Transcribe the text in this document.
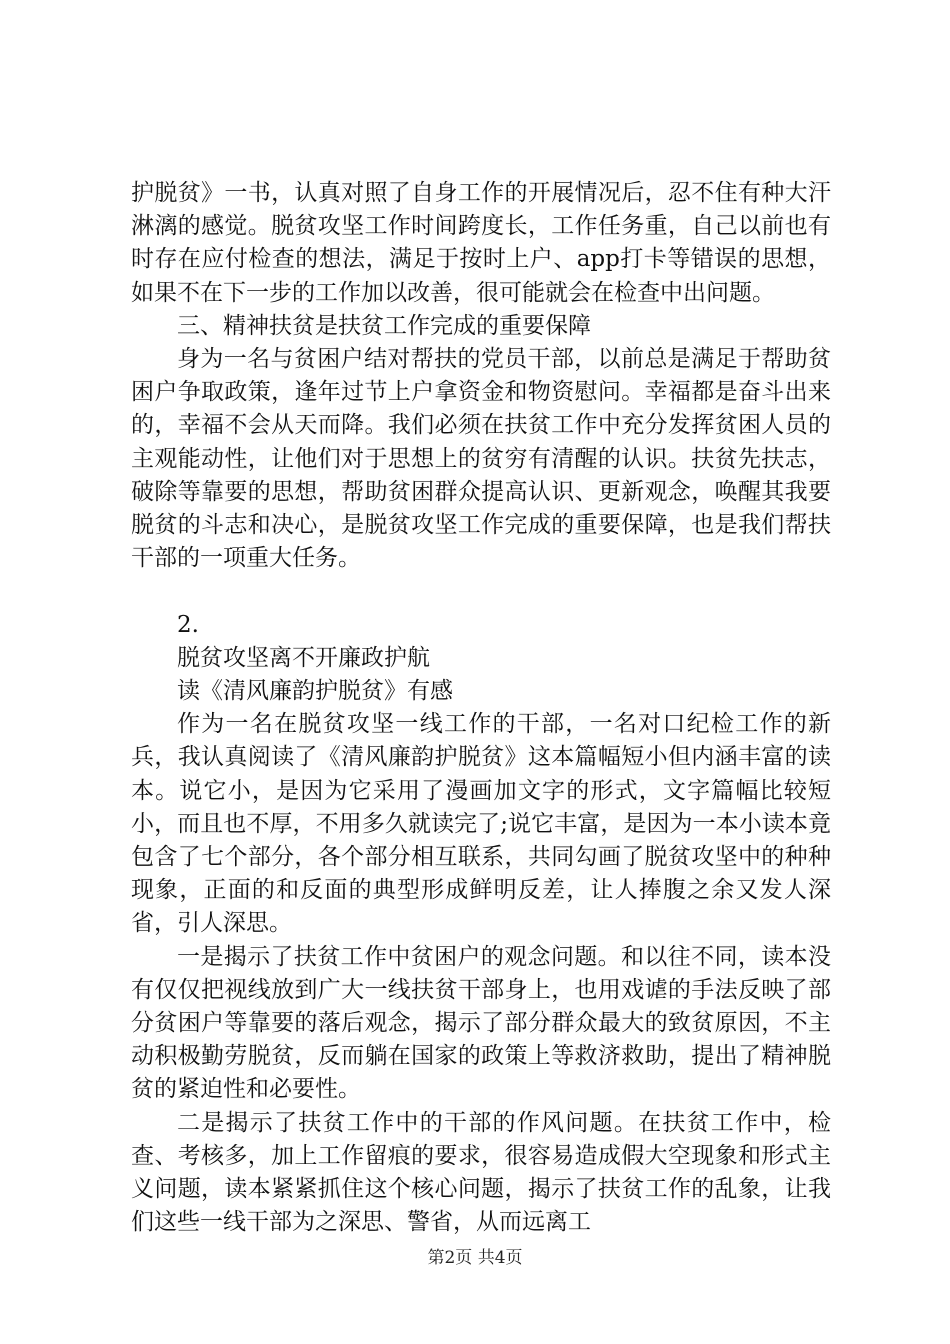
护脱贫》一书，认真对照了自身工作的开展情况后，忍不住有种大汗淋漓的感觉。脱贫攻坚工作时间跨度长，工作任务重，自己以前也有时存在应付检查的想法，满足于按时上户、app打卡等错误的思想，如果不在下一步的工作加以改善，很可能就会在检查中出问题。

三、精神扶贫是扶贫工作完成的重要保障

身为一名与贫困户结对帮扶的党员干部，以前总是满足于帮助贫困户争取政策，逢年过节上户拿资金和物资慰问。幸福都是奋斗出来的，幸福不会从天而降。我们必须在扶贫工作中充分发挥贫困人员的主观能动性，让他们对于思想上的贫穷有清醒的认识。扶贫先扶志，破除等靠要的思想，帮助贫困群众提高认识、更新观念，唤醒其我要脱贫的斗志和决心，是脱贫攻坚工作完成的重要保障，也是我们帮扶干部的一项重大任务。

2.

脱贫攻坚离不开廉政护航

读《清风廉韵护脱贫》有感

作为一名在脱贫攻坚一线工作的干部，一名对口纪检工作的新兵，我认真阅读了《清风廉韵护脱贫》这本篇幅短小但内涵丰富的读本。说它小，是因为它采用了漫画加文字的形式，文字篇幅比较短小，而且也不厚，不用多久就读完了;说它丰富，是因为一本小读本竟包含了七个部分，各个部分相互联系，共同勾画了脱贫攻坚中的种种现象，正面的和反面的典型形成鲜明反差，让人捧腹之余又发人深省，引人深思。

一是揭示了扶贫工作中贫困户的观念问题。和以往不同，读本没有仅仅把视线放到广大一线扶贫干部身上，也用戏谑的手法反映了部分贫困户等靠要的落后观念，揭示了部分群众最大的致贫原因，不主动积极勤劳脱贫，反而躺在国家的政策上等救济救助，提出了精神脱贫的紧迫性和必要性。

二是揭示了扶贫工作中的干部的作风问题。在扶贫工作中，检查、考核多，加上工作留痕的要求，很容易造成假大空现象和形式主义问题，读本紧紧抓住这个核心问题，揭示了扶贫工作的乱象，让我们这些一线干部为之深思、警省，从而远离工

第2页 共4页
